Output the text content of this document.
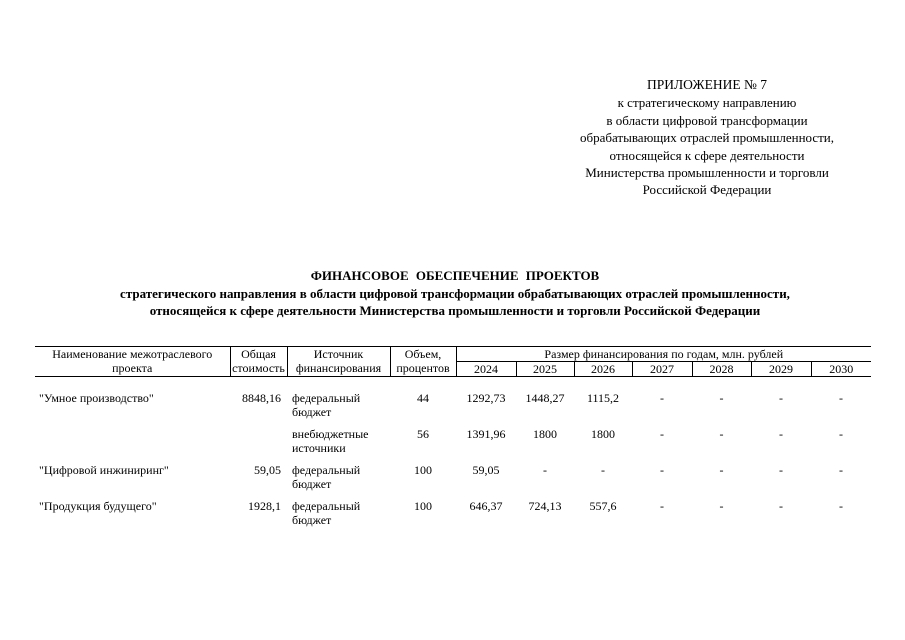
ПРИЛОЖЕНИЕ № 7
к стратегическому направлению
в области цифровой трансформации
обрабатывающих отраслей промышленности,
относящейся к сфере деятельности
Министерства промышленности и торговли
Российской Федерации
ФИНАНСОВОЕ ОБЕСПЕЧЕНИЕ ПРОЕКТОВ
стратегического направления в области цифровой трансформации обрабатывающих отраслей промышленности,
относящейся к сфере деятельности Министерства промышленности и торговли Российской Федерации
Наименование межотраслевого проекта	Общая стоимость	Источник финансирования	Объем, процентов	Размер финансирования по годам, млн. рублей						
				2024	2025	2026	2027	2028	2029	2030

"Умное производство"	8848,16	федеральный бюджет	44	1292,73	1448,27	1115,2	-	-	-	-
		внебюджетные источники	56	1391,96	1800	1800	-	-	-	-
"Цифровой инжиниринг"	59,05	федеральный бюджет	100	59,05	-	-	-	-	-	-
"Продукция будущего"	1928,1	федеральный бюджет	100	646,37	724,13	557,6	-	-	-	-
